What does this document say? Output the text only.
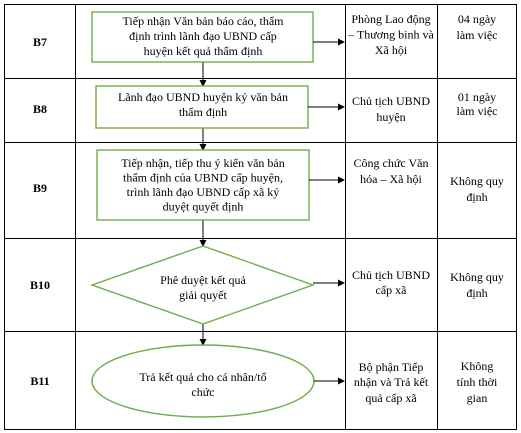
B7
Tiếp nhận Văn bản báo cáo, thẩm
định trình lãnh đạo UBND cấp
huyện kết quả thẩm định
Phòng Lao động
– Thương binh và
Xã hội
04 ngày
làm việc
B8
Lãnh đạo UBND huyện ký văn bản
thẩm định
Chủ tịch UBND
huyện
01 ngày
làm việc
B9
Tiếp nhận, tiếp thu ý kiến văn bản
thẩm định của UBND cấp huyện,
trình lãnh đạo UBND cấp xã ký
duyệt quyết định
Công chức Văn
hóa – Xã hội Không quy
định
B10	Phê duyệt kết quả
giải quyết
Chủ tịch UBND
cấp xã
Không quy
định
B11	Trả kết quả cho cá nhân/tổ
chức
Bộ phận Tiếp
nhận và Trả kết
quả cấp xã
Không
tính thời
gian
